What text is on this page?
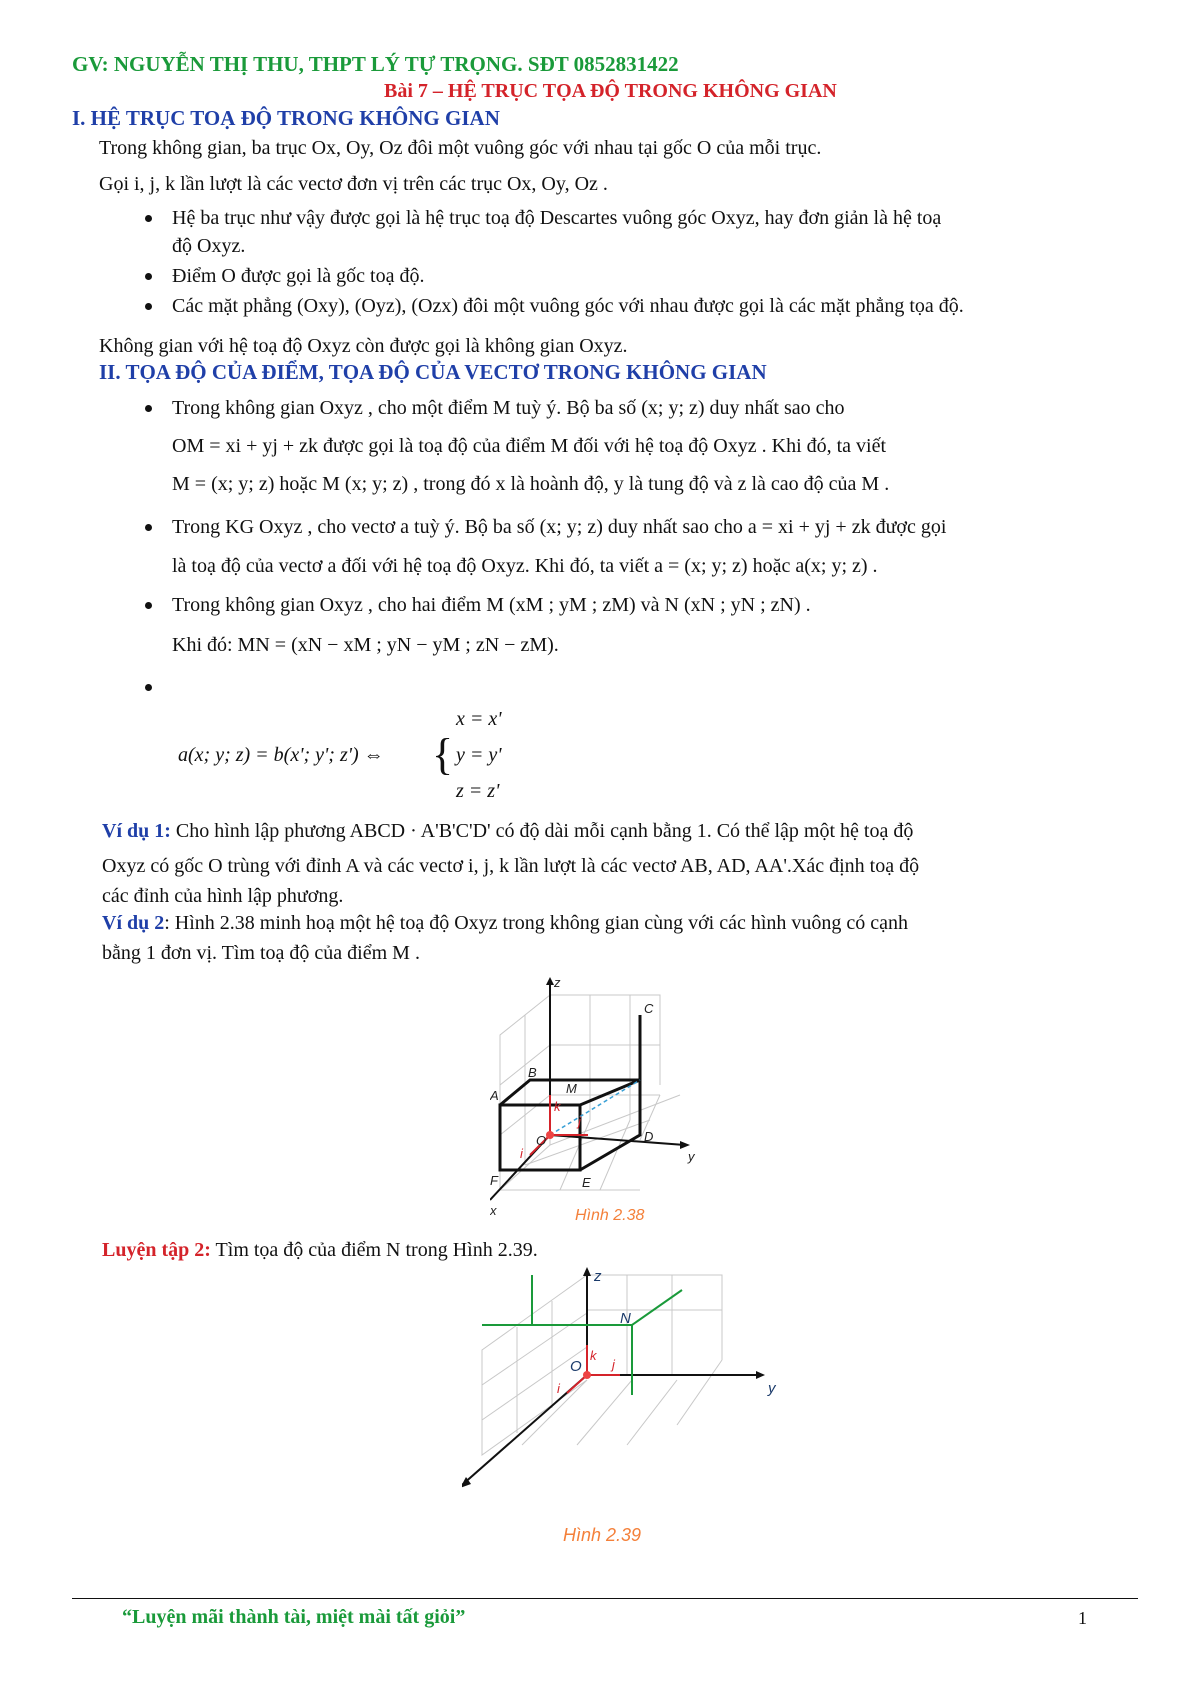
GV: NGUYỄN THỊ THU, THPT LÝ TỰ TRỌNG. SĐT 0852831422
Bài 7 – HỆ TRỤC TỌA ĐỘ TRONG KHÔNG GIAN
I. HỆ TRỤC TOẠ ĐỘ TRONG KHÔNG GIAN
Trong không gian, ba trục Ox, Oy, Oz đôi một vuông góc với nhau tại gốc O của mỗi trục.
Gọi i, j, k lần lượt là các vectơ đơn vị trên các trục Ox, Oy, Oz .
Hệ ba trục như vậy được gọi là hệ trục toạ độ Descartes vuông góc Oxyz, hay đơn giản là hệ toạ
độ Oxyz.
Điểm O được gọi là gốc toạ độ.
Các mặt phẳng (Oxy), (Oyz), (Ozx) đôi một vuông góc với nhau được gọi là các mặt phẳng tọa độ.
Không gian với hệ toạ độ Oxyz còn được gọi là không gian Oxyz.
II. TỌA ĐỘ CỦA ĐIỂM, TỌA ĐỘ CỦA VECTƠ TRONG KHÔNG GIAN
Trong không gian Oxyz , cho một điểm M tuỳ ý. Bộ ba số (x; y; z) duy nhất sao cho
OM = xi + yj + zk được gọi là toạ độ của điểm M đối với hệ toạ độ Oxyz . Khi đó, ta viết
M = (x; y; z) hoặc M (x; y; z) , trong đó x là hoành độ, y là tung độ và z là cao độ của M .
Trong KG Oxyz , cho vectơ a tuỳ ý. Bộ ba số (x; y; z) duy nhất sao cho a = xi + yj + zk được gọi
là toạ độ của vectơ a đối với hệ toạ độ Oxyz. Khi đó, ta viết a = (x; y; z) hoặc a(x; y; z) .
Trong không gian Oxyz , cho hai điểm M (xM ; yM ; zM) và N (xN ; yN ; zN) .
Khi đó: MN = (xN − xM ; yN − yM ; zN − zM).
a(x; y; z) = b(x'; y'; z') ⇔ {
x = x'
y = y'
z = z'
Ví dụ 1: Cho hình lập phương ABCD · A'B'C'D' có độ dài mỗi cạnh bằng 1. Có thể lập một hệ toạ độ
Oxyz có gốc O trùng với đỉnh A và các vectơ i, j, k lần lượt là các vectơ AB, AD, AA'.Xác định toạ độ
các đỉnh của hình lập phương.
Ví dụ 2: Hình 2.38 minh hoạ một hệ toạ độ Oxyz trong không gian cùng với các hình vuông có cạnh
bằng 1 đơn vị. Tìm toạ độ của điểm M .
z
y
x
B
C
A	M
D
O
F	E
k
i
j
Hình 2.38
Luyện tập 2: Tìm tọa độ của điểm N trong Hình 2.39.
z
y
N
O
k
i
j
Hình 2.39
“Luyện mãi thành tài, miệt mài tất giỏi”	1
